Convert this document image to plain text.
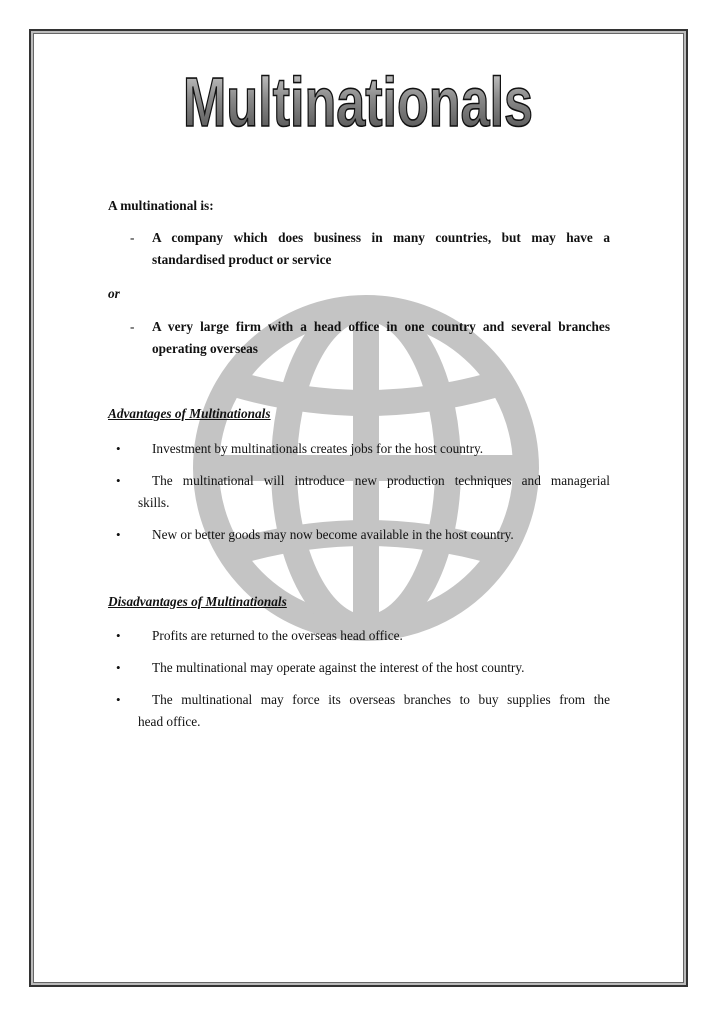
Multinationals
A multinational is:
- A company which does business in many countries, but may have a
standardised product or service
or
- A very large firm with a head office in one country and several branches
operating overseas
Advantages of Multinationals
• Investment by multinationals creates jobs for the host country.
• The multinational will introduce new production techniques and managerial
skills.
• New or better goods may now become available in the host country.
Disadvantages of Multinationals
• Profits are returned to the overseas head office.
• The multinational may operate against the interest of the host country.
• The multinational may force its overseas branches to buy supplies from the
head office.
